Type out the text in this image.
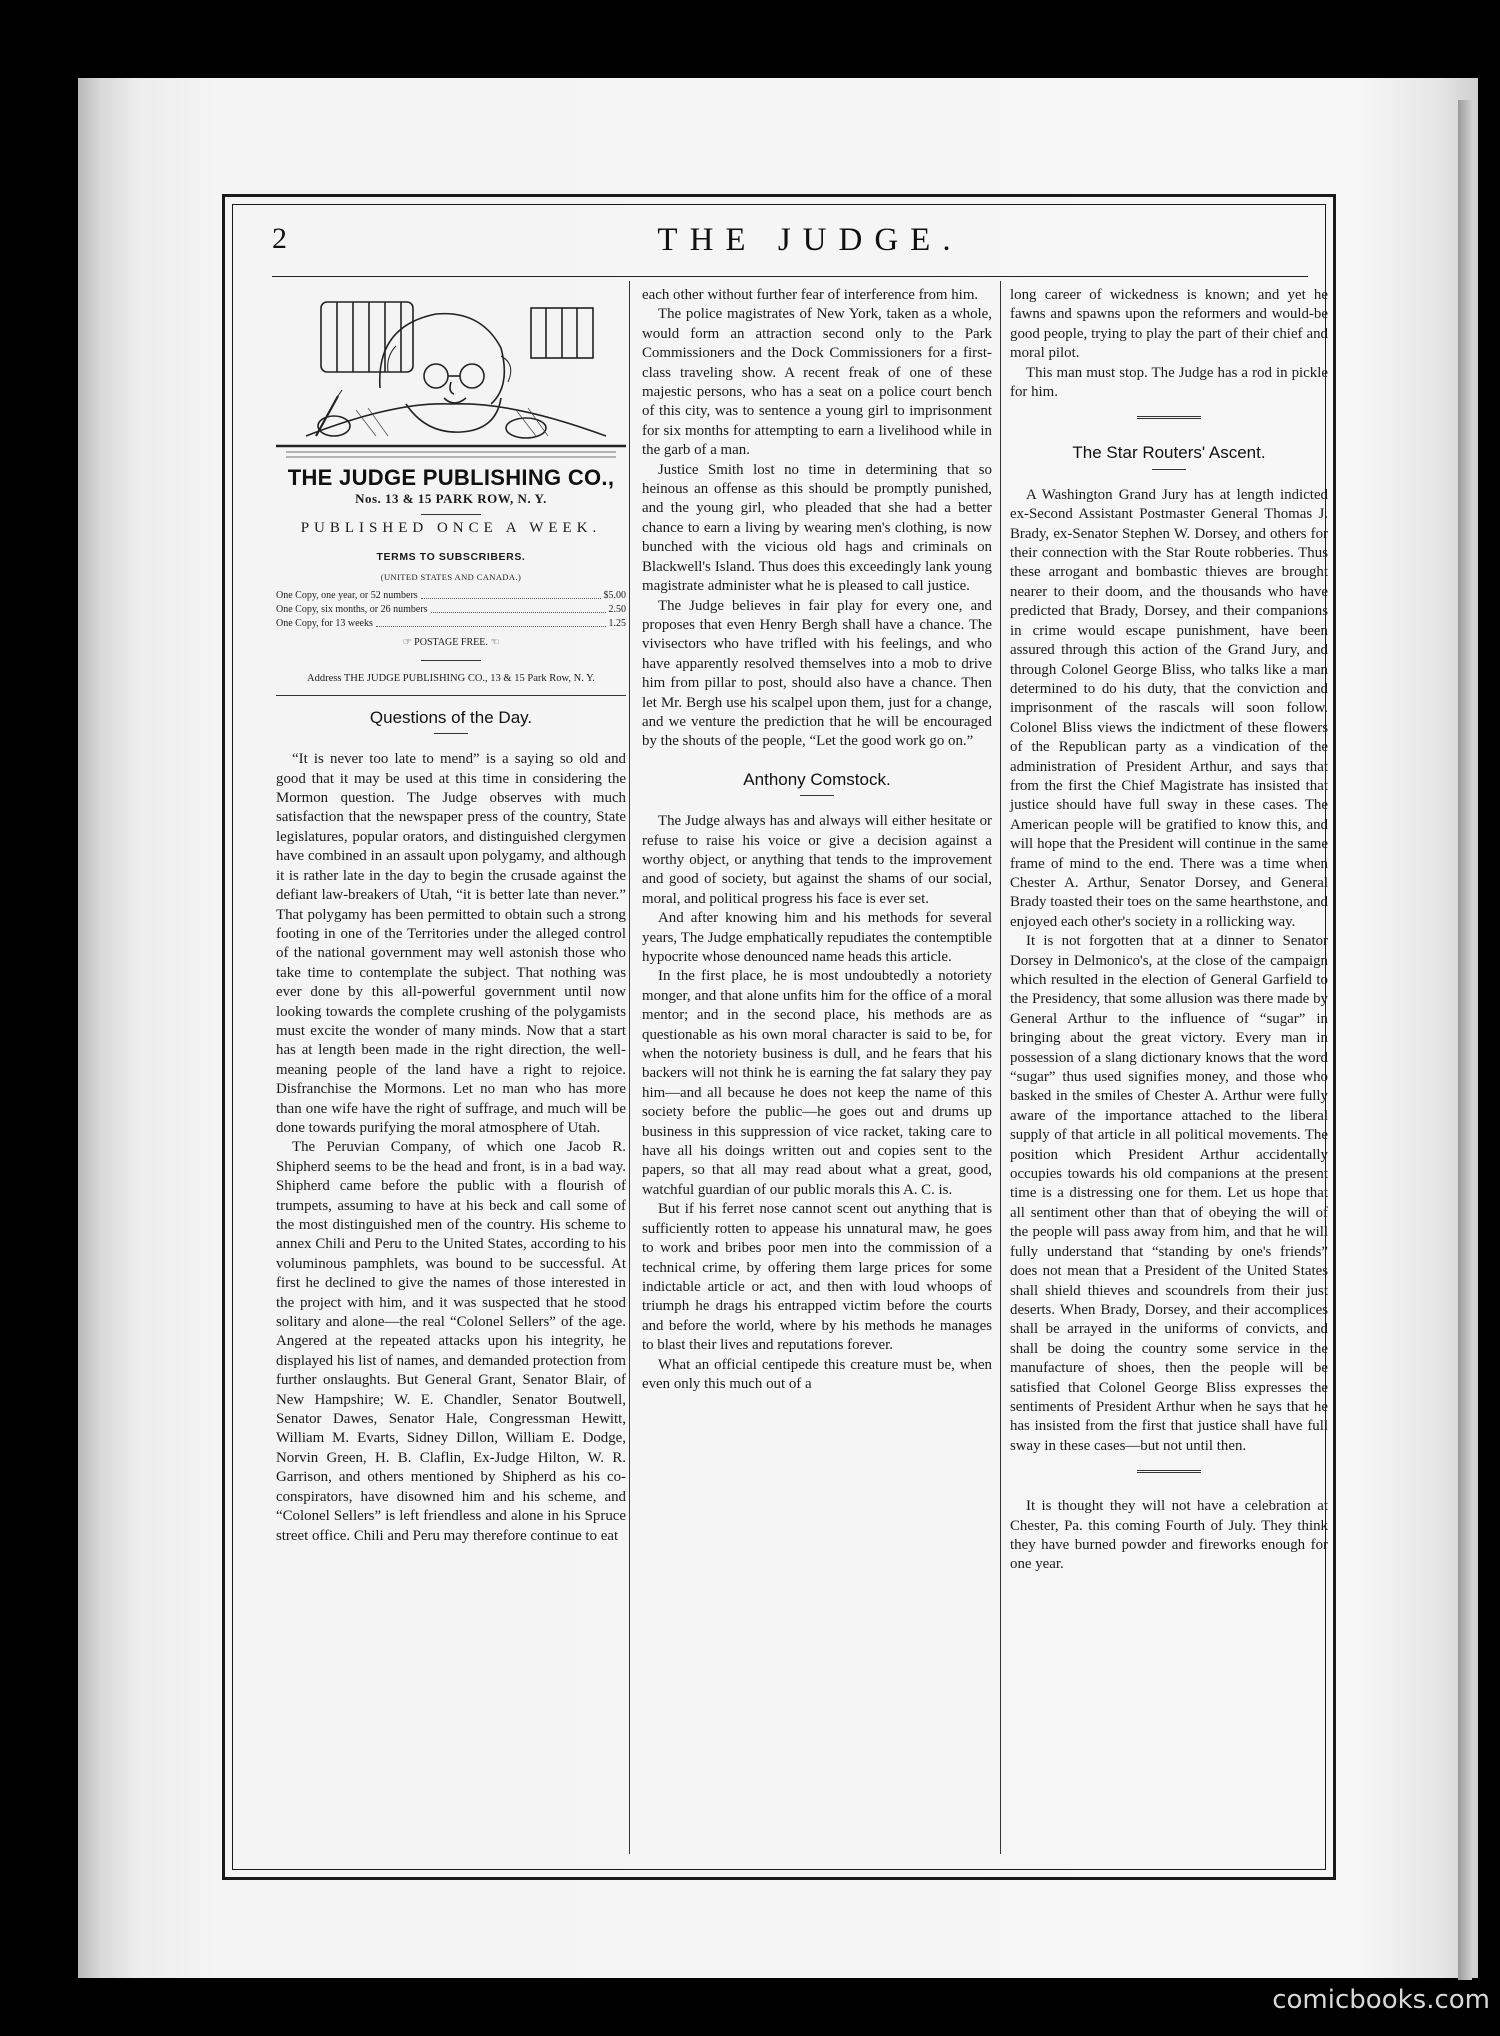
2	THE JUDGE.
THE JUDGE PUBLISHING CO.,
Nos. 13 & 15 PARK ROW, N. Y.
PUBLISHED ONCE A WEEK.
TERMS TO SUBSCRIBERS.
(UNITED STATES AND CANADA.)
One Copy, one year, or 52 numbers	$5.00
One Copy, six months, or 26 numbers	2.50
One Copy, for 13 weeks	1.25
☞ POSTAGE FREE. ☜
Address THE JUDGE PUBLISHING CO., 13 & 15 Park Row, N. Y.
Questions of the Day.

“It is never too late to mend” is a saying so old and good that it may be used at this time in considering the Mormon question. The Judge observes with much satisfaction that the newspaper press of the country, State legislatures, popular orators, and distinguished clergymen have combined in an assault upon polygamy, and although it is rather late in the day to begin the crusade against the defiant law-breakers of Utah, “it is better late than never.” That polygamy has been permitted to obtain such a strong footing in one of the Territories under the alleged control of the national government may well astonish those who take time to contemplate the subject. That nothing was ever done by this all-powerful government until now looking towards the complete crushing of the polygamists must excite the wonder of many minds. Now that a start has at length been made in the right direction, the well-meaning people of the land have a right to rejoice. Disfranchise the Mormons. Let no man who has more than one wife have the right of suffrage, and much will be done towards purifying the moral atmosphere of Utah.

The Peruvian Company, of which one Jacob R. Shipherd seems to be the head and front, is in a bad way. Shipherd came before the public with a flourish of trumpets, assuming to have at his beck and call some of the most distinguished men of the country. His scheme to annex Chili and Peru to the United States, according to his voluminous pamphlets, was bound to be successful. At first he declined to give the names of those interested in the project with him, and it was suspected that he stood solitary and alone—the real “Colonel Sellers” of the age. Angered at the repeated attacks upon his integrity, he displayed his list of names, and demanded protection from further onslaughts. But General Grant, Senator Blair, of New Hampshire; W. E. Chandler, Senator Boutwell, Senator Dawes, Senator Hale, Congressman Hewitt, William M. Evarts, Sidney Dillon, William E. Dodge, Norvin Green, H. B. Claflin, Ex-Judge Hilton, W. R. Garrison, and others mentioned by Shipherd as his co-conspirators, have disowned him and his scheme, and “Colonel Sellers” is left friendless and alone in his Spruce street office. Chili and Peru may therefore continue to eat

each other without further fear of interference from him.

The police magistrates of New York, taken as a whole, would form an attraction second only to the Park Commissioners and the Dock Commissioners for a first-class traveling show. A recent freak of one of these majestic persons, who has a seat on a police court bench of this city, was to sentence a young girl to imprisonment for six months for attempting to earn a livelihood while in the garb of a man.

Justice Smith lost no time in determining that so heinous an offense as this should be promptly punished, and the young girl, who pleaded that she had a better chance to earn a living by wearing men's clothing, is now bunched with the vicious old hags and criminals on Blackwell's Island. Thus does this exceedingly lank young magistrate administer what he is pleased to call justice.

The Judge believes in fair play for every one, and proposes that even Henry Bergh shall have a chance. The vivisectors who have trifled with his feelings, and who have apparently resolved themselves into a mob to drive him from pillar to post, should also have a chance. Then let Mr. Bergh use his scalpel upon them, just for a change, and we venture the prediction that he will be encouraged by the shouts of the people, “Let the good work go on.”

Anthony Comstock.

The Judge always has and always will either hesitate or refuse to raise his voice or give a decision against a worthy object, or anything that tends to the improvement and good of society, but against the shams of our social, moral, and political progress his face is ever set.

And after knowing him and his methods for several years, The Judge emphatically repudiates the contemptible hypocrite whose denounced name heads this article.

In the first place, he is most undoubtedly a notoriety monger, and that alone unfits him for the office of a moral mentor; and in the second place, his methods are as questionable as his own moral character is said to be, for when the notoriety business is dull, and he fears that his backers will not think he is earning the fat salary they pay him—and all because he does not keep the name of this society before the public—he goes out and drums up business in this suppression of vice racket, taking care to have all his doings written out and copies sent to the papers, so that all may read about what a great, good, watchful guardian of our public morals this A. C. is.

But if his ferret nose cannot scent out anything that is sufficiently rotten to appease his unnatural maw, he goes to work and bribes poor men into the commission of a technical crime, by offering them large prices for some indictable article or act, and then with loud whoops of triumph he drags his entrapped victim before the courts and before the world, where by his methods he manages to blast their lives and reputations forever.

What an official centipede this creature must be, when even only this much out of a

long career of wickedness is known; and yet he fawns and spawns upon the reformers and would-be good people, trying to play the part of their chief and moral pilot.

This man must stop. The Judge has a rod in pickle for him.

The Star Routers' Ascent.

A Washington Grand Jury has at length indicted ex-Second Assistant Postmaster General Thomas J. Brady, ex-Senator Stephen W. Dorsey, and others for their connection with the Star Route robberies. Thus these arrogant and bombastic thieves are brought nearer to their doom, and the thousands who have predicted that Brady, Dorsey, and their companions in crime would escape punishment, have been assured through this action of the Grand Jury, and through Colonel George Bliss, who talks like a man determined to do his duty, that the conviction and imprisonment of the rascals will soon follow. Colonel Bliss views the indictment of these flowers of the Republican party as a vindication of the administration of President Arthur, and says that from the first the Chief Magistrate has insisted that justice should have full sway in these cases. The American people will be gratified to know this, and will hope that the President will continue in the same frame of mind to the end. There was a time when Chester A. Arthur, Senator Dorsey, and General Brady toasted their toes on the same hearthstone, and enjoyed each other's society in a rollicking way.

It is not forgotten that at a dinner to Senator Dorsey in Delmonico's, at the close of the campaign which resulted in the election of General Garfield to the Presidency, that some allusion was there made by General Arthur to the influence of “sugar” in bringing about the great victory. Every man in possession of a slang dictionary knows that the word “sugar” thus used signifies money, and those who basked in the smiles of Chester A. Arthur were fully aware of the importance attached to the liberal supply of that article in all political movements. The position which President Arthur accidentally occupies towards his old companions at the present time is a distressing one for them. Let us hope that all sentiment other than that of obeying the will of the people will pass away from him, and that he will fully understand that “standing by one's friends” does not mean that a President of the United States shall shield thieves and scoundrels from their just deserts. When Brady, Dorsey, and their accomplices shall be arrayed in the uniforms of convicts, and shall be doing the country some service in the manufacture of shoes, then the people will be satisfied that Colonel George Bliss expresses the sentiments of President Arthur when he says that he has insisted from the first that justice shall have full sway in these cases—but not until then.

It is thought they will not have a celebration at Chester, Pa. this coming Fourth of July. They think they have burned powder and fireworks enough for one year.

comicbooks.com
